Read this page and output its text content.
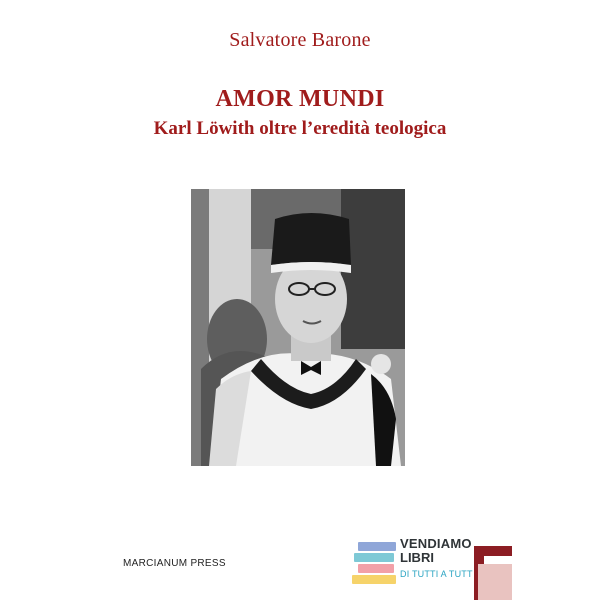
Salvatore Barone
AMOR MUNDI
Karl Löwith oltre l’eredità teologica
MARCIANUM PRESS
VENDIAMO
LIBRI
DI TUTTI A TUTT
